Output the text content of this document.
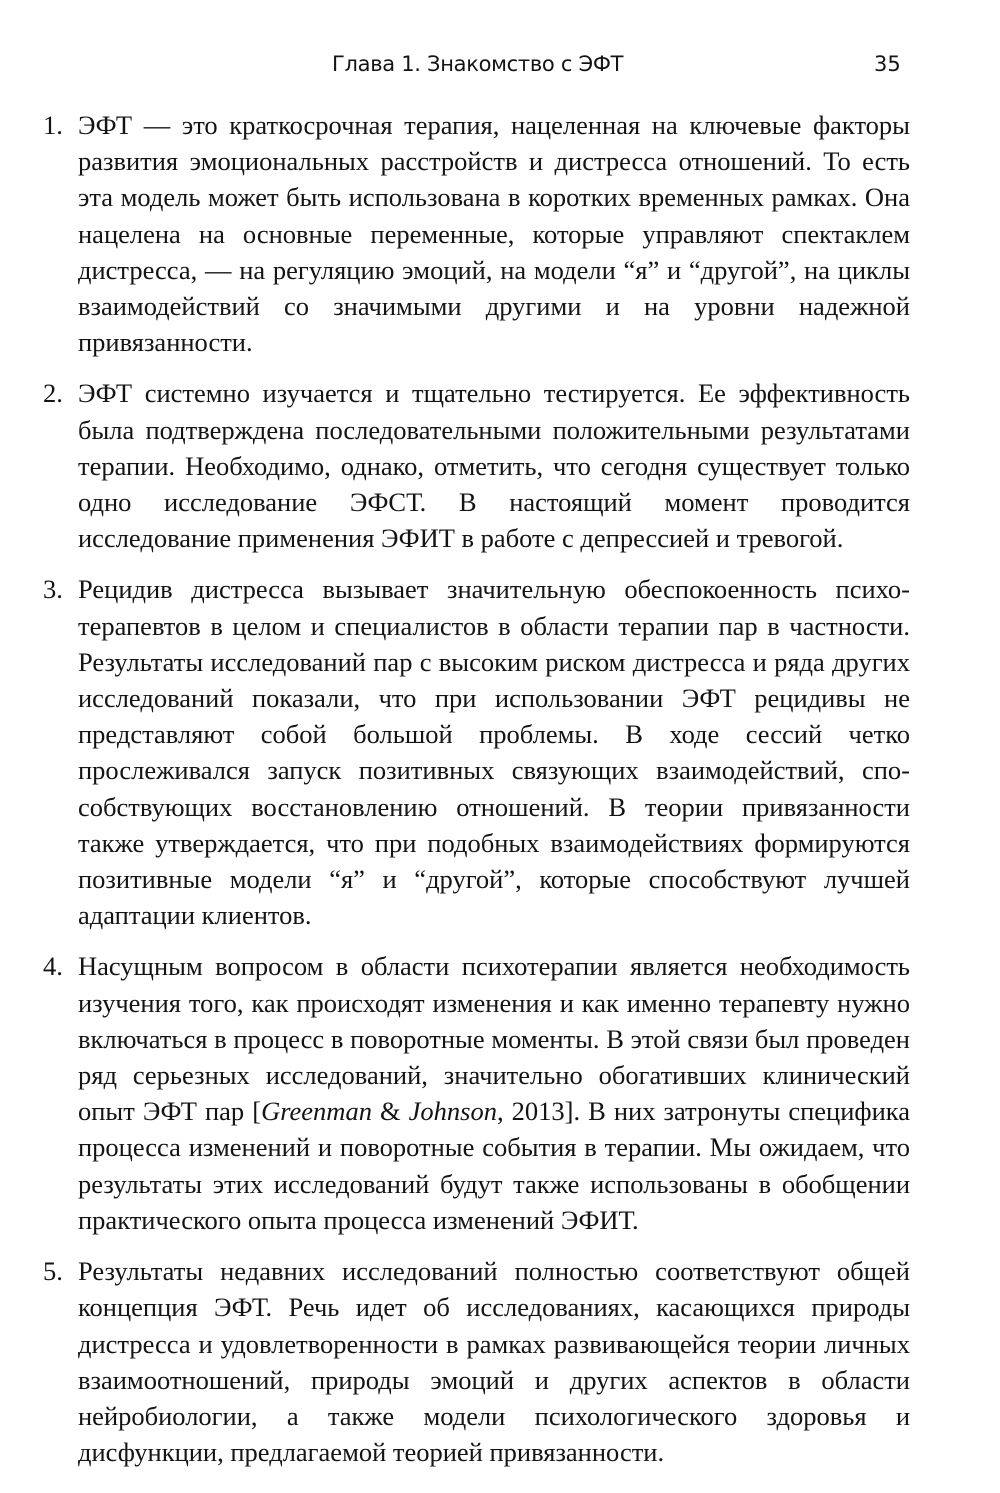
Глава 1. Знакомство с ЭФТ	35
1. ЭФТ — это краткосрочная терапия, нацеленная на ключевые факторы развития эмоциональных расстройств и дистресса отношений. То есть эта модель может быть использована в коротких временных рамках. Она нацелена на основные переменные, которые управляют спектаклем дистресса, — на регуляцию эмоций, на модели “я” и “другой”, на циклы взаимодействий со значимыми другими и на уровни надежной привязанности.
2. ЭФТ системно изучается и тщательно тестируется. Ее эффективность была подтверждена последовательными положительными результатами терапии. Необходимо, однако, отметить, что сегодня существует только одно исследование ЭФСТ. В настоящий момент проводится исследование применения ЭФИТ в работе с депрессией и тревогой.
3. Рецидив дистресса вызывает значительную обеспокоенность психотерапевтов в целом и специалистов в области терапии пар в частности. Результаты исследований пар с высоким риском дистресса и ряда других исследований показали, что при использовании ЭФТ рецидивы не представляют собой большой проблемы. В ходе сессий четко прослеживался запуск позитивных связующих взаимодействий, способствующих восстановлению отношений. В теории привязанности также утверждается, что при подобных взаимодействиях формируются позитивные модели “я” и “другой”, которые способствуют лучшей адаптации клиентов.
4. Насущным вопросом в области психотерапии является необходимость изучения того, как происходят изменения и как именно терапевту нужно включаться в процесс в поворотные моменты. В этой связи был проведен ряд серьезных исследований, значительно обогативших клинический опыт ЭФТ пар [Greenman & Johnson, 2013]. В них затронуты специфика процесса изменений и поворотные события в терапии. Мы ожидаем, что результаты этих исследований будут также использованы в обобщении практического опыта процесса изменений ЭФИТ.
5. Результаты недавних исследований полностью соответствуют общей концепция ЭФТ. Речь идет об исследованиях, касающихся природы дистресса и удовлетворенности в рамках развивающейся теории личных взаимоотношений, природы эмоций и других аспектов в области нейробиологии, а также модели психологического здоровья и дисфункции, предлагаемой теорией привязанности.
